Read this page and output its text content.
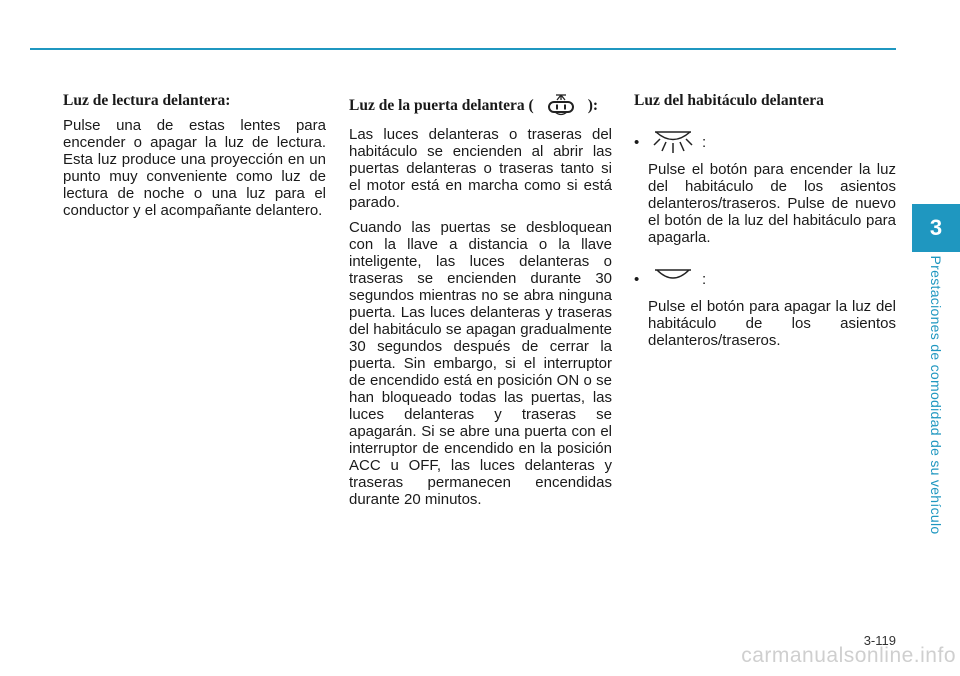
Luz de lectura delantera:

Pulse una de estas lentes para encender o apagar la luz de lectura. Esta luz produce una proyección en un punto muy conveniente como luz de lectura de noche o una luz para el conductor y el acompañante delantero.

Luz de la puerta delantera (	):

Las luces delanteras o traseras del habitáculo se encienden al abrir las puertas delanteras o traseras tanto si el motor está en marcha como si está parado.

Cuando las puertas se desbloquean con la llave a distancia o la llave inteligente, las luces delanteras o traseras se encienden durante 30 segundos mientras no se abra ninguna puerta. Las luces delanteras y traseras del habitáculo se apagan gradualmente 30 segundos después de cerrar la puerta. Sin embargo, si el interruptor de encendido está en posición ON o se han bloqueado todas las puertas, las luces delanteras y traseras se apagarán. Si se abre una puerta con el interruptor de encendido en la posición ACC u OFF, las luces delanteras y traseras permanecen encendidas durante 20 minutos.

Luz del habitáculo delantera

•	:

Pulse el botón para encender la luz del habitáculo de los asientos delanteros/traseros. Pulse de nuevo el botón de la luz del habitáculo para apagarla.

•	:

Pulse el botón para apagar la luz del habitáculo de los asientos delanteros/traseros.

3
Prestaciones de comodidad de su vehículo
3-119
carmanualsonline.info
